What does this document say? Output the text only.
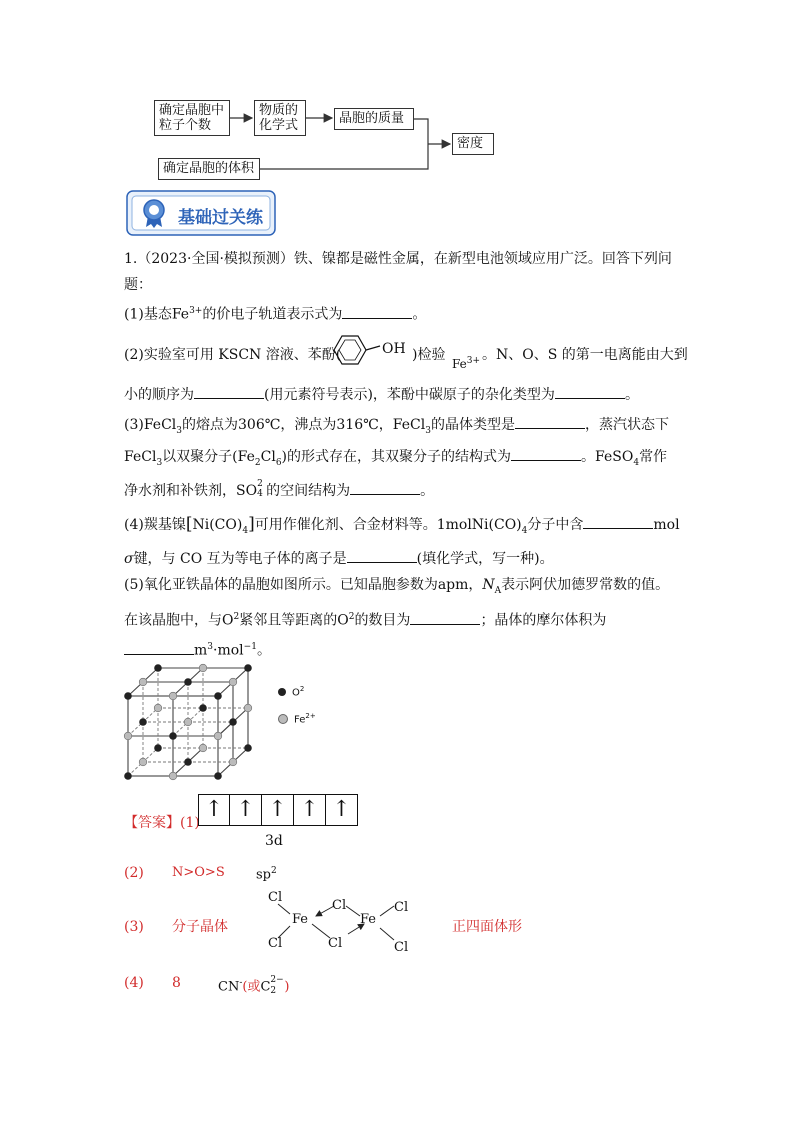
确定晶胞中
粒子个数
物质的
化学式	晶胞的质量
确定晶胞的体积
密度
基础过关练
1.（2023·全国·模拟预测）铁、镍都是磁性金属，在新型电池领域应用广泛。回答下列问
题：
(1)基态$Fe^{3+}$的价电子轨道表示式为	。
(2)实验室可用 KSCN 溶液、苯酚(	OH )检验
$Fe^{3+}$ 。N、O、S 的第一电离能由大到
小的顺序为	(用元素符号表示)，苯酚中碳原子的杂化类型为	。
(3)FeCl$_3$的熔点为306℃，沸点为316℃，FeCl$_3$的晶体类型是	，蒸汽状态下
FeCl$_3$以双聚分子$(Fe_2Cl_6)$的形式存在，其双聚分子的结构式为	。FeSO$_4$常作
净水剂和补铁剂，SO 2
4 的空间结构为	。
(4)羰基镍$[Ni(CO)_4]$可用作催化剂、合金材料等。$1molNi(CO)_4$分子中含	mol
σ键，与 CO 互为等电子体的离子是	(填化学式，写一种)。
(5)氧化亚铁晶体的晶胞如图所示。已知晶胞参数为apm，$N_A$表示阿伏加德罗常数的值。
在该晶胞中，与$O^2$紧邻且等距离的$O^2$的数目为	；晶体的摩尔体积为
$m^3\cdot mol^{-1}$。
$O^2$
$Fe^{2+}$
【答案】(1)
↑ ↑ ↑ ↑ ↑
3d
(2) N>O>S $sp^2$
(3) 分子晶体	正四面体形
Cl
Cl
Fe
Cl
Cl
Fe
Cl
Cl
(4) 8	CN-(或C 2−
2 )
